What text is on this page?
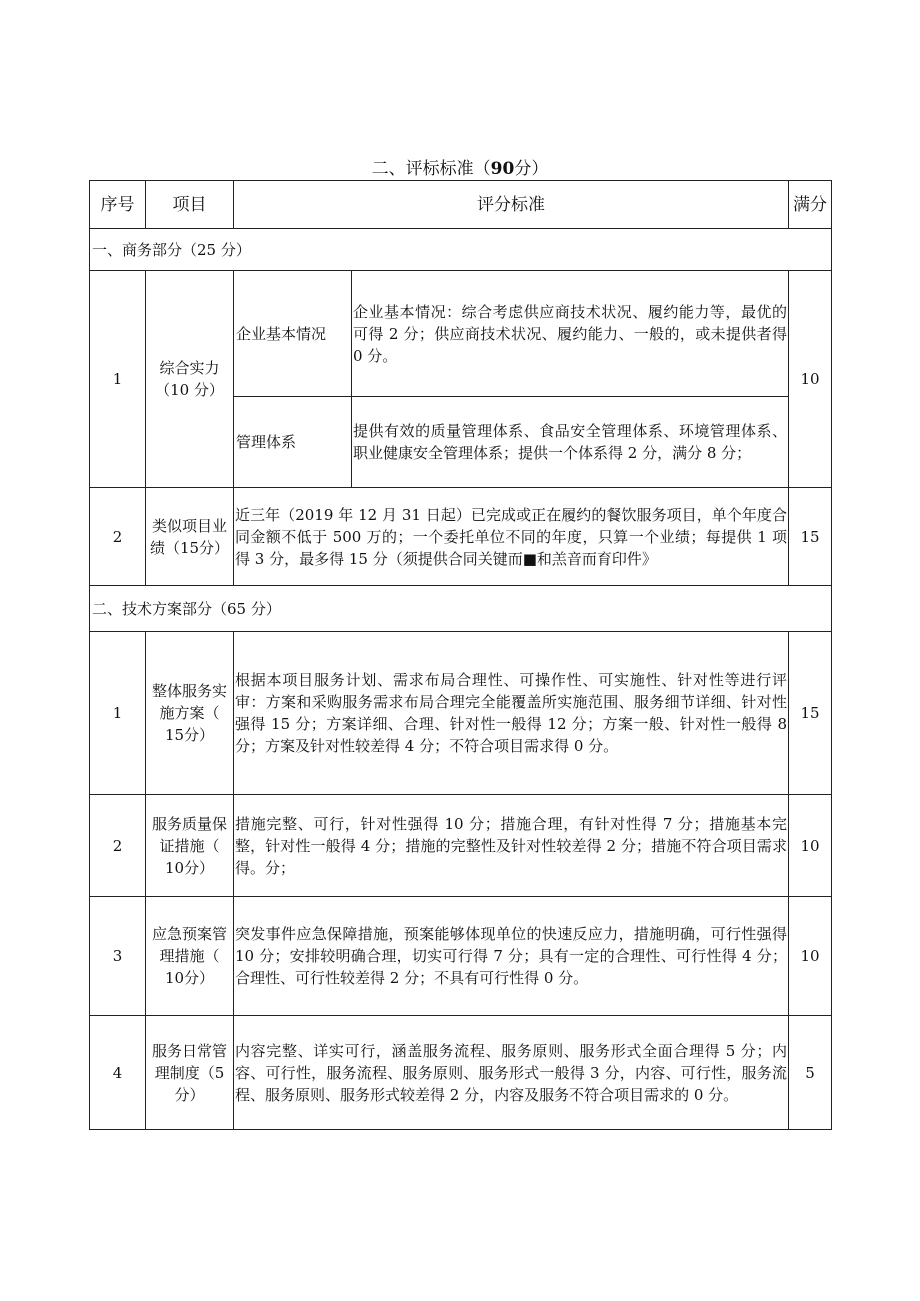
二、评标标准（90分）
序号	项目	评分标准		满分
一、商务部分（25 分）				
1	综合实力（10 分）	企业基本情况	企业基本情况：综合考虑供应商技术状况、履约能力等，最优的可得 2 分；供应商技术状况、履约能力、一般的，或未提供者得 0 分。	10
		管理体系	提供有效的质量管理体系、食品安全管理体系、环境管理体系、职业健康安全管理体系；提供一个体系得 2 分，满分 8 分；	
2	类似项目业绩（15分）	近三年（2019 年 12 月 31 日起）已完成或正在履约的餐饮服务项目，单个年度合同金额不低于 500 万的；一个委托单位不同的年度，只算一个业绩；每提供 1 项得 3 分，最多得 15 分（须提供合同关键而■和羔音而育印件》		15
二、技术方案部分（65 分）				
1	整体服务实施方案（ 15分）	根据本项目服务计划、需求布局合理性、可操作性、可实施性、针对性等进行评审：方案和采购服务需求布局合理完全能覆盖所实施范围、服务细节详细、针对性强得 15 分；方案详细、合理、针对性一般得 12 分；方案一般、针对性一般得 8 分；方案及针对性较差得 4 分；不符合项目需求得 0 分。		15
2	服务质量保证措施（ 10分）	措施完整、可行，针对性强得 10 分；措施合理，有针对性得 7 分；措施基本完整，针对性一般得 4 分；措施的完整性及针对性较差得 2 分；措施不符合项目需求得。分；		10
3	应急预案管理措施（ 10分）	突发事件应急保障措施，预案能够体现单位的快速反应力，措施明确，可行性强得 10 分；安排较明确合理，切实可行得 7 分；具有一定的合理性、可行性得 4 分；合理性、可行性较差得 2 分；不具有可行性得 0 分。		10
4	服务日常管理制度（5 分）	内容完整、详实可行，涵盖服务流程、服务原则、服务形式全面合理得 5 分；内容、可行性，服务流程、服务原则、服务形式一般得 3 分，内容、可行性，服务流程、服务原则、服务形式较差得 2 分，内容及服务不符合项目需求的 0 分。		5
